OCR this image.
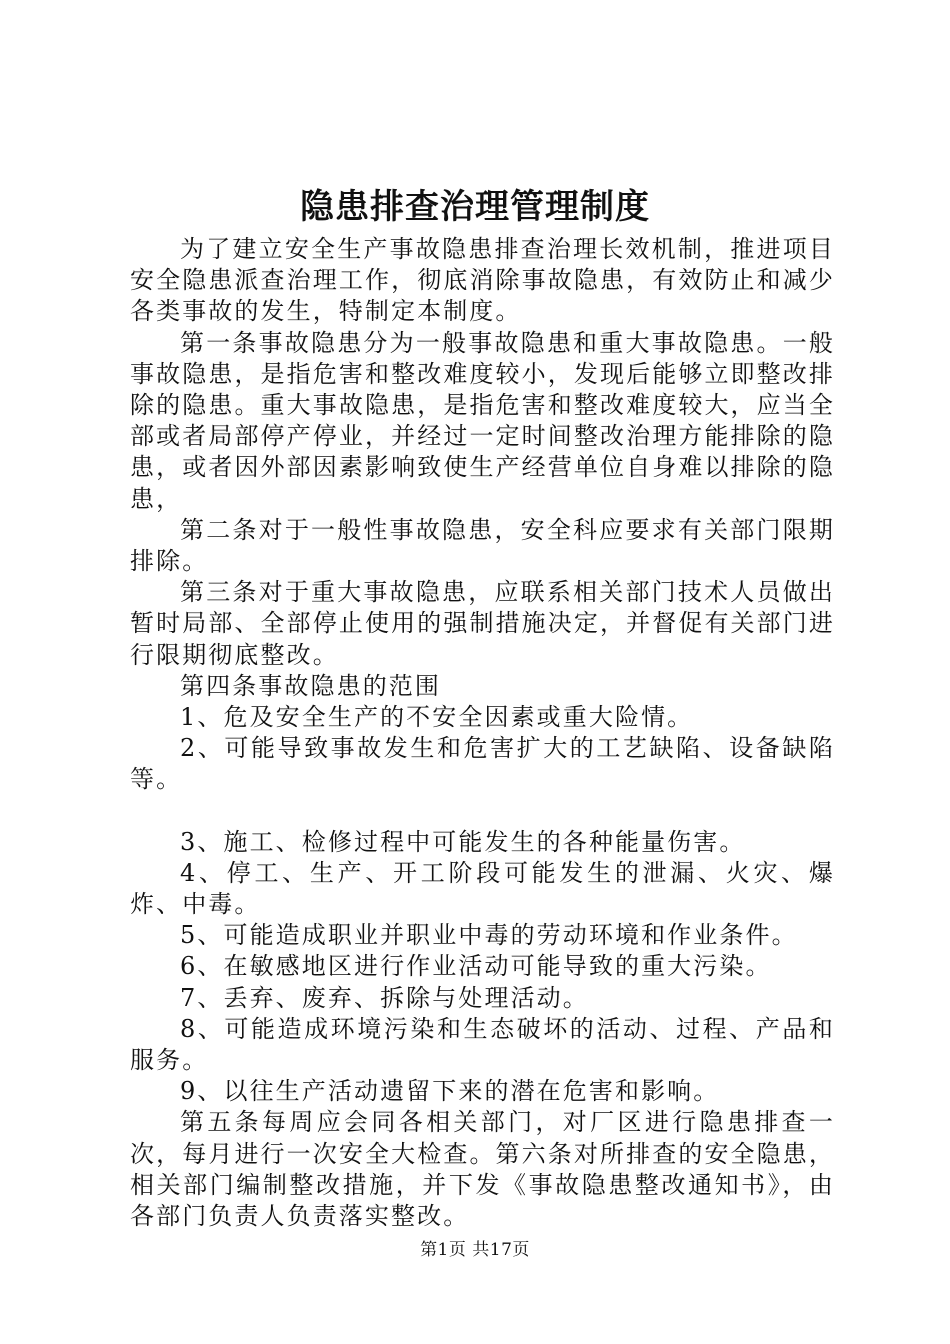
隐患排查治理管理制度

为了建立安全生产事故隐患排查治理长效机制，推进项目安全隐患派查治理工作，彻底消除事故隐患，有效防止和减少各类事故的发生，特制定本制度。

第一条事故隐患分为一般事故隐患和重大事故隐患。一般事故隐患，是指危害和整改难度较小，发现后能够立即整改排除的隐患。重大事故隐患，是指危害和整改难度较大，应当全部或者局部停产停业，并经过一定时间整改治理方能排除的隐患，或者因外部因素影响致使生产经营单位自身难以排除的隐患，

第二条对于一般性事故隐患，安全科应要求有关部门限期排除。

第三条对于重大事故隐患，应联系相关部门技术人员做出暂时局部、全部停止使用的强制措施决定，并督促有关部门进行限期彻底整改。

第四条事故隐患的范围

1、危及安全生产的不安全因素或重大险情。

2、可能导致事故发生和危害扩大的工艺缺陷、设备缺陷等。

3、施工、检修过程中可能发生的各种能量伤害。

4、停工、生产、开工阶段可能发生的泄漏、火灾、爆炸、中毒。

5、可能造成职业并职业中毒的劳动环境和作业条件。

6、在敏感地区进行作业活动可能导致的重大污染。

7、丢弃、废弃、拆除与处理活动。

8、可能造成环境污染和生态破坏的活动、过程、产品和服务。

9、以往生产活动遗留下来的潜在危害和影响。

第五条每周应会同各相关部门，对厂区进行隐患排查一次，每月进行一次安全大检查。第六条对所排查的安全隐患，相关部门编制整改措施，并下发《事故隐患整改通知书》，由各部门负责人负责落实整改。

第1页 共17页
